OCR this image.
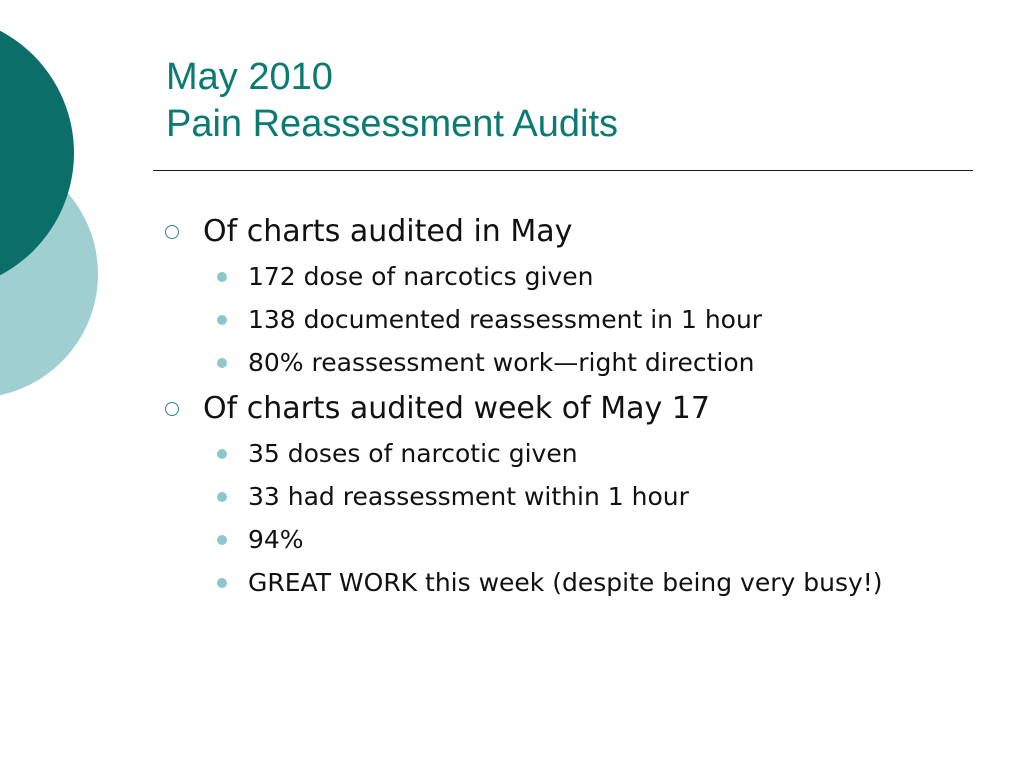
May 2010
Pain Reassessment Audits
Of charts audited in May
172 dose of narcotics given
138 documented reassessment in 1 hour
80% reassessment work—right direction
Of charts audited week of May 17
35 doses of narcotic given
33 had reassessment within 1 hour
94%
GREAT WORK this week (despite being very busy!)
